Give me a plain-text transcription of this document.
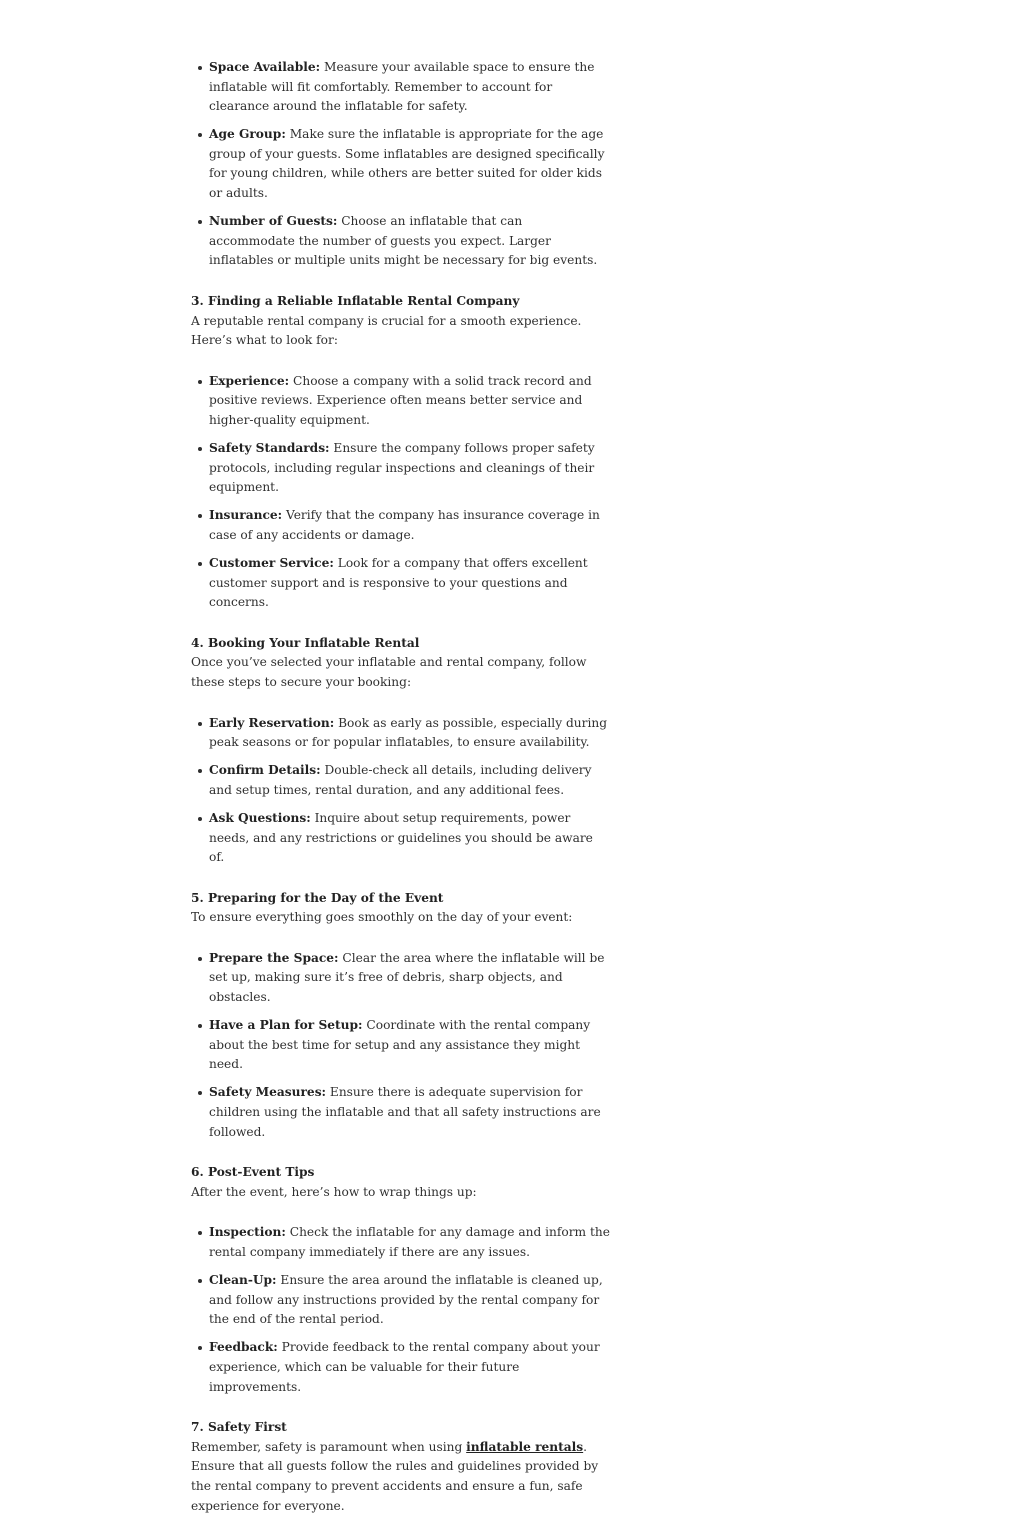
Space Available: Measure your available space to ensure the inflatable will fit comfortably. Remember to account for clearance around the inflatable for safety.
Age Group: Make sure the inflatable is appropriate for the age group of your guests. Some inflatables are designed specifically for young children, while others are better suited for older kids or adults.
Number of Guests: Choose an inflatable that can accommodate the number of guests you expect. Larger inflatables or multiple units might be necessary for big events.
3. Finding a Reliable Inflatable Rental Company

A reputable rental company is crucial for a smooth experience. Here’s what to look for:

Experience: Choose a company with a solid track record and positive reviews. Experience often means better service and higher-quality equipment.
Safety Standards: Ensure the company follows proper safety protocols, including regular inspections and cleanings of their equipment.
Insurance: Verify that the company has insurance coverage in case of any accidents or damage.
Customer Service: Look for a company that offers excellent customer support and is responsive to your questions and concerns.
4. Booking Your Inflatable Rental

Once you’ve selected your inflatable and rental company, follow these steps to secure your booking:

Early Reservation: Book as early as possible, especially during peak seasons or for popular inflatables, to ensure availability.
Confirm Details: Double-check all details, including delivery and setup times, rental duration, and any additional fees.
Ask Questions: Inquire about setup requirements, power needs, and any restrictions or guidelines you should be aware of.
5. Preparing for the Day of the Event

To ensure everything goes smoothly on the day of your event:

Prepare the Space: Clear the area where the inflatable will be set up, making sure it’s free of debris, sharp objects, and obstacles.
Have a Plan for Setup: Coordinate with the rental company about the best time for setup and any assistance they might need.
Safety Measures: Ensure there is adequate supervision for children using the inflatable and that all safety instructions are followed.
6. Post-Event Tips

After the event, here’s how to wrap things up:

Inspection: Check the inflatable for any damage and inform the rental company immediately if there are any issues.
Clean-Up: Ensure the area around the inflatable is cleaned up, and follow any instructions provided by the rental company for the end of the rental period.
Feedback: Provide feedback to the rental company about your experience, which can be valuable for their future improvements.
7. Safety First

Remember, safety is paramount when using inflatable rentals. Ensure that all guests follow the rules and guidelines provided by the rental company to prevent accidents and ensure a fun, safe experience for everyone.
